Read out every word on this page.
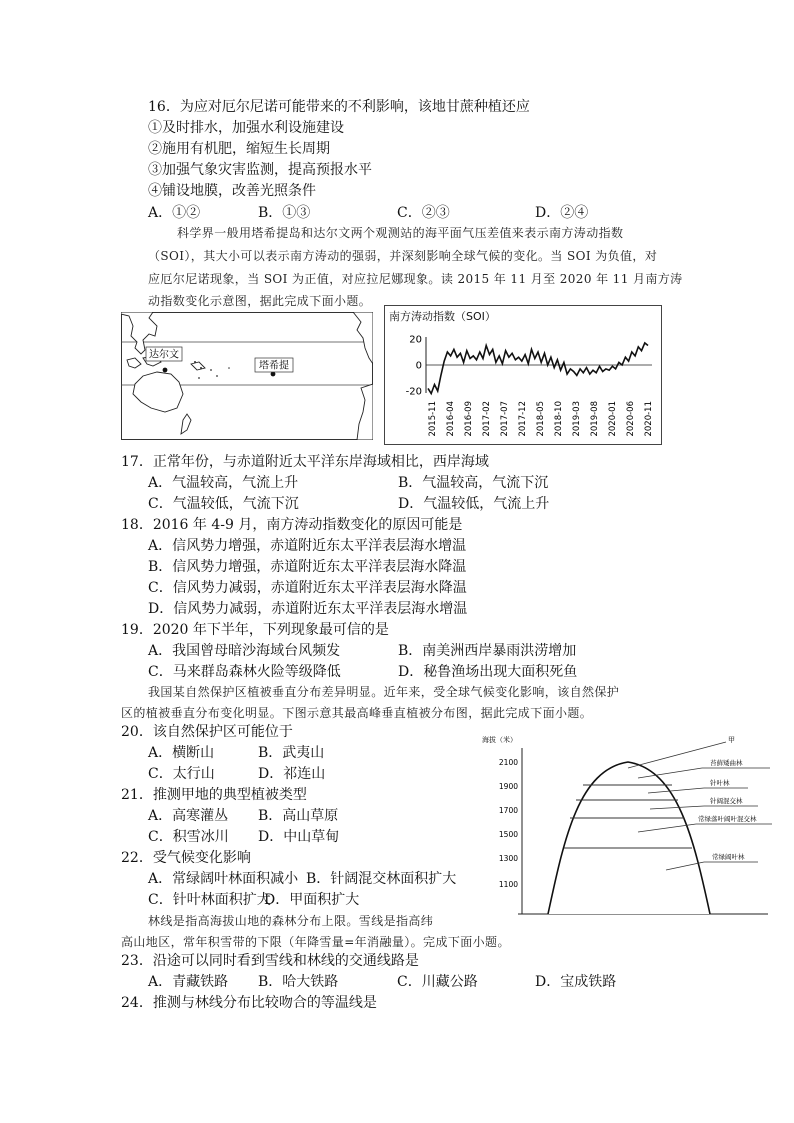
16．为应对厄尔尼诺可能带来的不利影响，该地甘蔗种植还应
①及时排水，加强水利设施建设
②施用有机肥，缩短生长周期
③加强气象灾害监测，提高预报水平
④铺设地膜，改善光照条件
A．①②	B．①③	C．②③	D．②④
科学界一般用塔希提岛和达尔文两个观测站的海平面气压差值来表示南方涛动指数
（SOI），其大小可以表示南方涛动的强弱，并深刻影响全球气候的变化。当 SOI 为负值，对
应厄尔尼诺现象，当 SOI 为正值，对应拉尼娜现象。读 2015 年 11 月至 2020 年 11 月南方涛
动指数变化示意图，据此完成下面小题。
达尔文
塔希提
南方涛动指数（SOI）
20
0
-20
2015-11 2016-04 2016-09 2017-02 2017-07 2017-12 2018-05 2018-10 2019-03 2019-08 2020-01 2020-06 2020-11
17．正常年份，与赤道附近太平洋东岸海域相比，西岸海域
A．气温较高，气流上升	B．气温较高，气流下沉
C．气温较低，气流下沉	D．气温较低，气流上升
18．2016 年 4-9 月，南方涛动指数变化的原因可能是
A．信风势力增强，赤道附近东太平洋表层海水增温
B．信风势力增强，赤道附近东太平洋表层海水降温
C．信风势力减弱，赤道附近东太平洋表层海水降温
D．信风势力减弱，赤道附近东太平洋表层海水增温
19．2020 年下半年，下列现象最可信的是
A．我国曾母暗沙海域台风频发	B．南美洲西岸暴雨洪涝增加
C．马来群岛森林火险等级降低	D．秘鲁渔场出现大面积死鱼
我国某自然保护区植被垂直分布差异明显。近年来，受全球气候变化影响，该自然保护
区的植被垂直分布变化明显。下图示意其最高峰垂直植被分布图，据此完成下面小题。
20．该自然保护区可能位于
A．横断山	B．武夷山
C．太行山	D．祁连山
21．推测甲地的典型植被类型
A．高寒灌丛 B．高山草原
C．积雪冰川 D．中山草甸
22．受气候变化影响
A．常绿阔叶林面积减小 B．针阔混交林面积扩大
C．针叶林面积扩大
D．甲面积扩大
海拔（米）
2100
1900
1700
1500
1300
1100
甲
苔藓矮曲林
针叶林
针阔混交林
常绿落叶阔叶混交林
常绿阔叶林
林线是指高海拔山地的森林分布上限。雪线是指高纬
高山地区，常年积雪带的下限（年降雪量=年消融量）。完成下面小题。
23．沿途可以同时看到雪线和林线的交通线路是
A．青藏铁路 B．哈大铁路	C．川藏公路	D．宝成铁路
24．推测与林线分布比较吻合的等温线是
